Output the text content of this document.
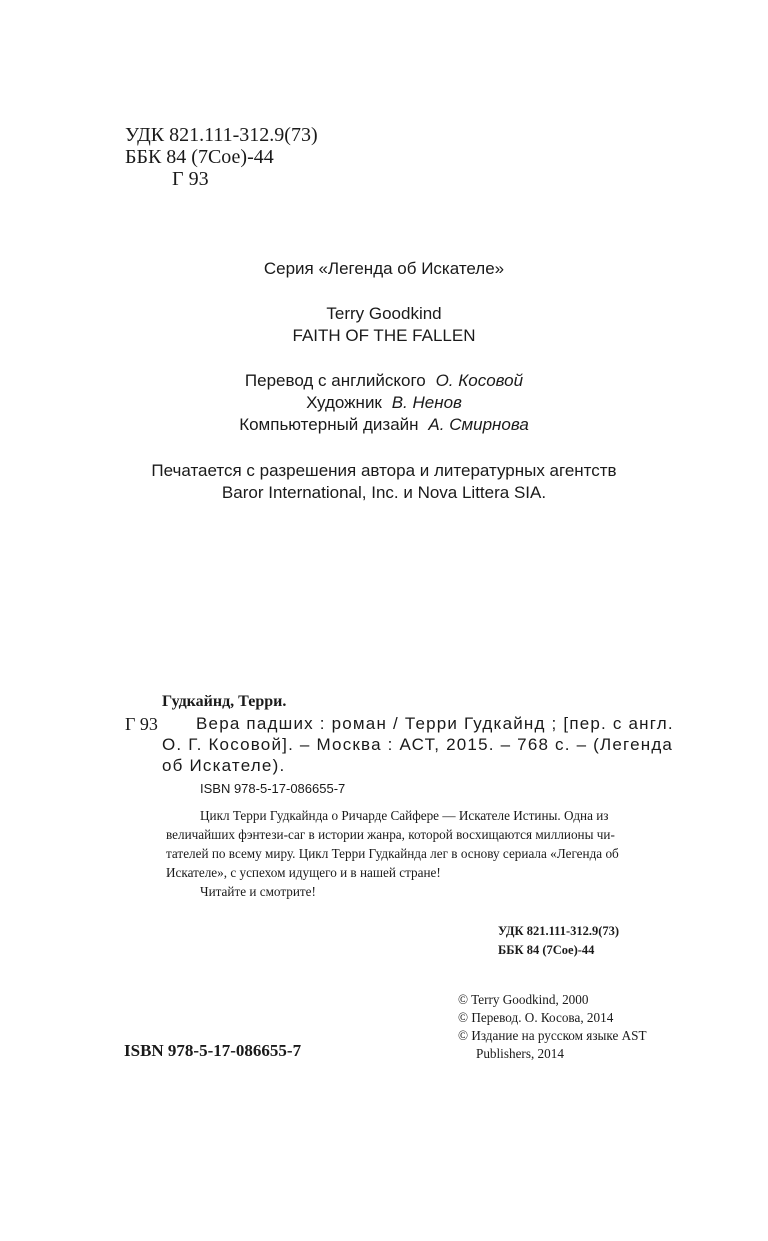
УДК 821.111-312.9(73)
ББК 84 (7Сое)-44
Г 93
Серия «Легенда об Искателе»
Terry Goodkind
FAITH OF THE FALLEN
Перевод с английского О. Косовой
Художник В. Ненов
Компьютерный дизайн А. Смирнова
Печатается с разрешения автора и литературных агентств
Baror International, Inc. и Nova Littera SIA.
Гудкайнд, Терри.
Г 93	Вера падших : роман / Терри Гудкайнд ; [пер. с англ.
О. Г. Косовой]. – Москва : АСТ, 2015. – 768 с. – (Легенда
об Искателе).
ISBN 978-5-17-086655-7
Цикл Терри Гудкайнда о Ричарде Сайфере — Искателе Истины. Одна из
величайших фэнтези-саг в истории жанра, которой восхищаются миллионы чи-
тателей по всему миру. Цикл Терри Гудкайнда лег в основу сериала «Легенда об
Искателе», с успехом идущего и в нашей стране!
Читайте и смотрите!
УДК 821.111-312.9(73)
ББК 84 (7Сое)-44
© Terry Goodkind, 2000
© Перевод. О. Косова, 2014
© Издание на русском языке AST
Publishers, 2014
ISBN 978-5-17-086655-7
